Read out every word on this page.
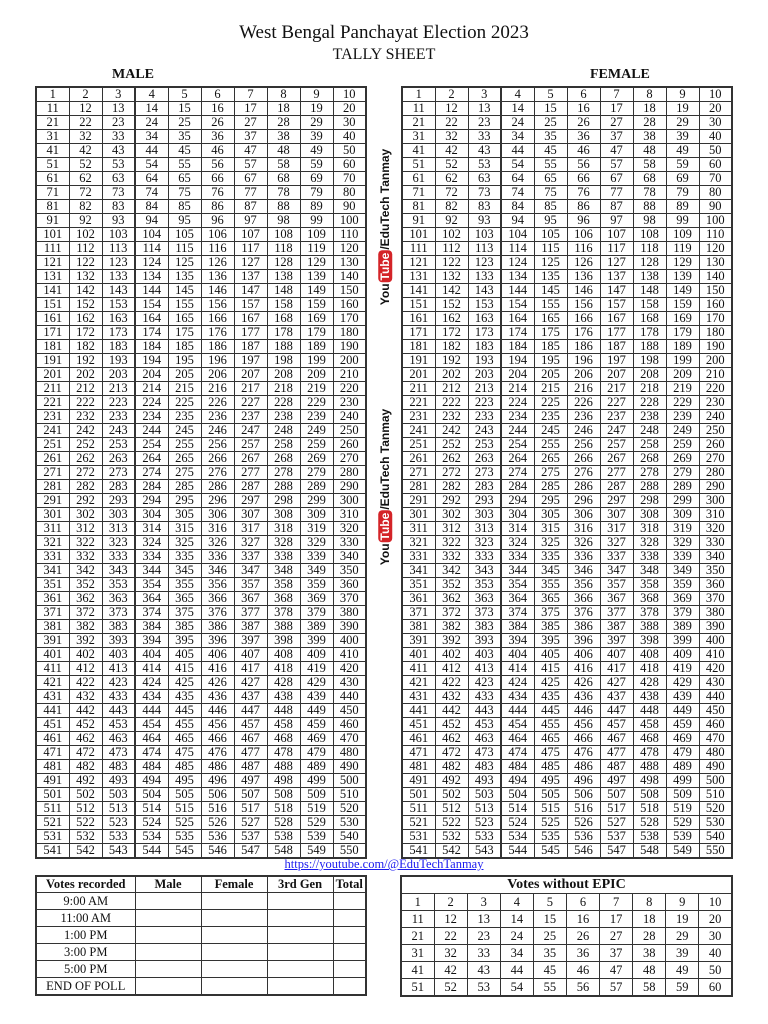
West Bengal Panchayat Election 2023
TALLY SHEET
MALE	FEMALE
1	2	3	4	5	6	7	8	9	10
11	12	13	14	15	16	17	18	19	20
21	22	23	24	25	26	27	28	29	30
31	32	33	34	35	36	37	38	39	40
41	42	43	44	45	46	47	48	49	50
51	52	53	54	55	56	57	58	59	60
61	62	63	64	65	66	67	68	69	70
71	72	73	74	75	76	77	78	79	80
81	82	83	84	85	86	87	88	89	90
91	92	93	94	95	96	97	98	99	100
101	102	103	104	105	106	107	108	109	110
111	112	113	114	115	116	117	118	119	120
121	122	123	124	125	126	127	128	129	130
131	132	133	134	135	136	137	138	139	140
141	142	143	144	145	146	147	148	149	150
151	152	153	154	155	156	157	158	159	160
161	162	163	164	165	166	167	168	169	170
171	172	173	174	175	176	177	178	179	180
181	182	183	184	185	186	187	188	189	190
191	192	193	194	195	196	197	198	199	200
201	202	203	204	205	206	207	208	209	210
211	212	213	214	215	216	217	218	219	220
221	222	223	224	225	226	227	228	229	230
231	232	233	234	235	236	237	238	239	240
241	242	243	244	245	246	247	248	249	250
251	252	253	254	255	256	257	258	259	260
261	262	263	264	265	266	267	268	269	270
271	272	273	274	275	276	277	278	279	280
281	282	283	284	285	286	287	288	289	290
291	292	293	294	295	296	297	298	299	300
301	302	303	304	305	306	307	308	309	310
311	312	313	314	315	316	317	318	319	320
321	322	323	324	325	326	327	328	329	330
331	332	333	334	335	336	337	338	339	340
341	342	343	344	345	346	347	348	349	350
351	352	353	354	355	356	357	358	359	360
361	362	363	364	365	366	367	368	369	370
371	372	373	374	375	376	377	378	379	380
381	382	383	384	385	386	387	388	389	390
391	392	393	394	395	396	397	398	399	400
401	402	403	404	405	406	407	408	409	410
411	412	413	414	415	416	417	418	419	420
421	422	423	424	425	426	427	428	429	430
431	432	433	434	435	436	437	438	439	440
441	442	443	444	445	446	447	448	449	450
451	452	453	454	455	456	457	458	459	460
461	462	463	464	465	466	467	468	469	470
471	472	473	474	475	476	477	478	479	480
481	482	483	484	485	486	487	488	489	490
491	492	493	494	495	496	497	498	499	500
501	502	503	504	505	506	507	508	509	510
511	512	513	514	515	516	517	518	519	520
521	522	523	524	525	526	527	528	529	530
531	532	533	534	535	536	537	538	539	540
541	542	543	544	545	546	547	548	549	550
1	2	3	4	5	6	7	8	9	10
11	12	13	14	15	16	17	18	19	20
21	22	23	24	25	26	27	28	29	30
31	32	33	34	35	36	37	38	39	40
41	42	43	44	45	46	47	48	49	50
51	52	53	54	55	56	57	58	59	60
61	62	63	64	65	66	67	68	69	70
71	72	73	74	75	76	77	78	79	80
81	82	83	84	85	86	87	88	89	90
91	92	93	94	95	96	97	98	99	100
101	102	103	104	105	106	107	108	109	110
111	112	113	114	115	116	117	118	119	120
121	122	123	124	125	126	127	128	129	130
131	132	133	134	135	136	137	138	139	140
141	142	143	144	145	146	147	148	149	150
151	152	153	154	155	156	157	158	159	160
161	162	163	164	165	166	167	168	169	170
171	172	173	174	175	176	177	178	179	180
181	182	183	184	185	186	187	188	189	190
191	192	193	194	195	196	197	198	199	200
201	202	203	204	205	206	207	208	209	210
211	212	213	214	215	216	217	218	219	220
221	222	223	224	225	226	227	228	229	230
231	232	233	234	235	236	237	238	239	240
241	242	243	244	245	246	247	248	249	250
251	252	253	254	255	256	257	258	259	260
261	262	263	264	265	266	267	268	269	270
271	272	273	274	275	276	277	278	279	280
281	282	283	284	285	286	287	288	289	290
291	292	293	294	295	296	297	298	299	300
301	302	303	304	305	306	307	308	309	310
311	312	313	314	315	316	317	318	319	320
321	322	323	324	325	326	327	328	329	330
331	332	333	334	335	336	337	338	339	340
341	342	343	344	345	346	347	348	349	350
351	352	353	354	355	356	357	358	359	360
361	362	363	364	365	366	367	368	369	370
371	372	373	374	375	376	377	378	379	380
381	382	383	384	385	386	387	388	389	390
391	392	393	394	395	396	397	398	399	400
401	402	403	404	405	406	407	408	409	410
411	412	413	414	415	416	417	418	419	420
421	422	423	424	425	426	427	428	429	430
431	432	433	434	435	436	437	438	439	440
441	442	443	444	445	446	447	448	449	450
451	452	453	454	455	456	457	458	459	460
461	462	463	464	465	466	467	468	469	470
471	472	473	474	475	476	477	478	479	480
481	482	483	484	485	486	487	488	489	490
491	492	493	494	495	496	497	498	499	500
501	502	503	504	505	506	507	508	509	510
511	512	513	514	515	516	517	518	519	520
521	522	523	524	525	526	527	528	529	530
531	532	533	534	535	536	537	538	539	540
541	542	543	544	545	546	547	548	549	550
YouTube
/EduTech Tanmay
YouTube
/EduTech Tanmay
https://youtube.com/@EduTechTanmay
Votes recorded	Male	Female	3rd Gen	Total
9:00 AM				
11:00 AM				
1:00 PM				
3:00 PM				
5:00 PM				
END OF POLL				
Votes without EPIC									
1	2	3	4	5	6	7	8	9	10
11	12	13	14	15	16	17	18	19	20
21	22	23	24	25	26	27	28	29	30
31	32	33	34	35	36	37	38	39	40
41	42	43	44	45	46	47	48	49	50
51	52	53	54	55	56	57	58	59	60
